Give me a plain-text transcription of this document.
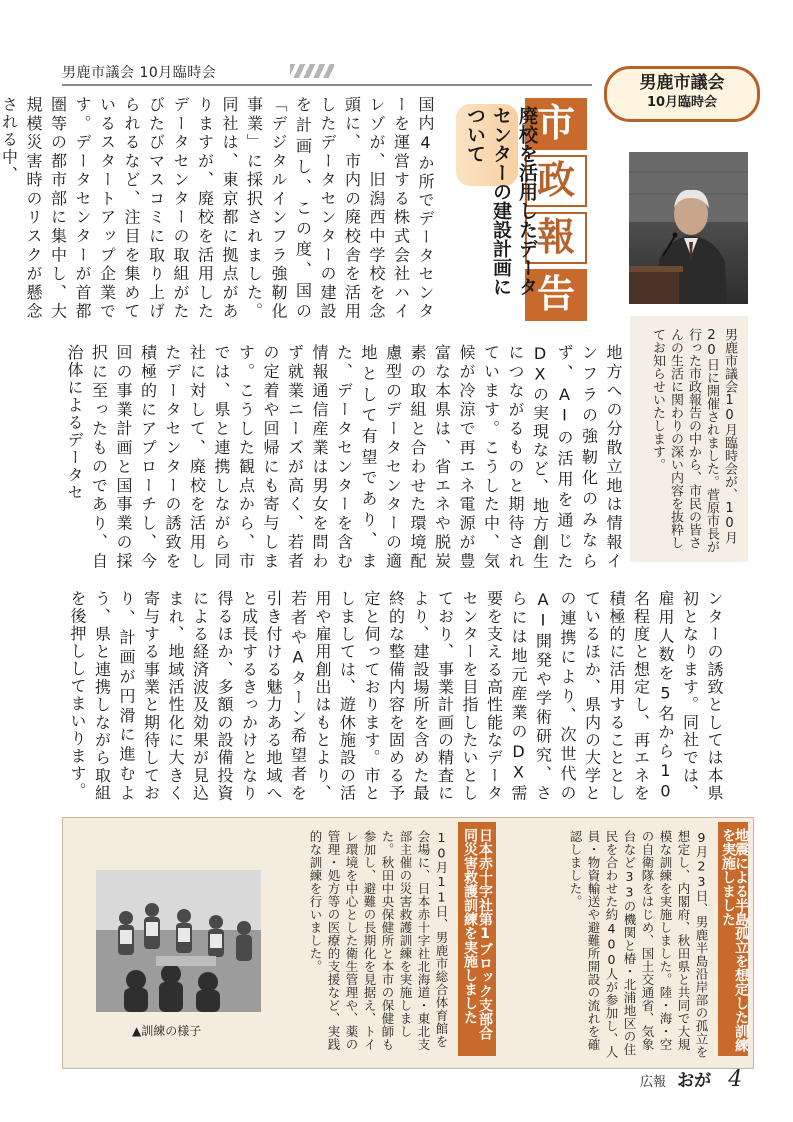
男鹿市議会 10月臨時会	男鹿市議会
10月臨時会

男鹿市議会10月臨時会が、10月20日に開催されました。菅原市長が行った市政報告の中から、市民の皆さんの生活に関わりの深い内容を抜粋してお知らせいたします。

市
政
報
告

廃校を活用したデータセンターの建設計画について

国内4か所でデータセンターを運営する株式会社ハイレゾが、旧潟西中学校を念頭に、市内の廃校舎を活用したデータセンターの建設を計画し、この度、国の「デジタルインフラ強靭化事業」に採択されました。同社は、東京都に拠点がありますが、廃校を活用したデータセンターの取組がたびたびマスコミに取り上げられるなど、注目を集めているスタートアップ企業です。データセンターが首都圏等の都市部に集中し、大規模災害時のリスクが懸念される中、

地方への分散立地は情報インフラの強靭化のみならず、AIの活用を通じたDXの実現など、地方創生につながるものと期待されています。こうした中、気候が冷涼で再エネ電源が豊富な本県は、省エネや脱炭素の取組と合わせた環境配慮型のデータセンターの適地として有望であり、また、データセンターを含む情報通信産業は男女を問わず就業ニーズが高く、若者の定着や回帰にも寄与します。こうした観点から、市では、県と連携しながら同社に対して、廃校を活用したデータセンターの誘致を積極的にアプローチし、今回の事業計画と国事業の採択に至ったものであり、自治体によるデータセ

ンターの誘致としては本県初となります。同社では、雇用人数を5名から10名程度と想定し、再エネを積極的に活用することとしているほか、県内の大学との連携により、次世代のAI開発や学術研究、さらには地元産業のDX需要を支える高性能なデータセンターを目指したいとしており、事業計画の精査により、建設場所を含めた最終的な整備内容を固める予定と伺っております。市としましては、遊休施設の活用や雇用創出はもとより、若者やAターン希望者を引き付ける魅力ある地域へと成長するきっかけとなり得るほか、多額の設備投資による経済波及効果が見込まれ、地域活性化に大きく寄与する事業と期待しており、計画が円滑に進むよう、県と連携しながら取組を後押ししてまいります。

地震による半島孤立を想定した訓練を実施しました

9月23日、男鹿半島沿岸部の孤立を想定し、内閣府、秋田県と共同で大規模な訓練を実施しました。陸・海・空の自衛隊をはじめ、国土交通省、気象台など33の機関と椿・北浦地区の住民を合わせた約400人が参加し、人員・物資輸送や避難所開設の流れを確認しました。

日本赤十字社第1ブロック支部合同災害救護訓練を実施しました

10月11日、男鹿市総合体育館を会場に、日本赤十字社北海道・東北支部主催の災害救護訓練を実施しました。秋田中央保健所と本市の保健師も参加し、避難の長期化を見据え、トイレ環境を中心とした衛生管理や、薬の管理・処方等の医療的支援など、実践的な訓練を行いました。

▲訓練の様子
広報 おが 4
